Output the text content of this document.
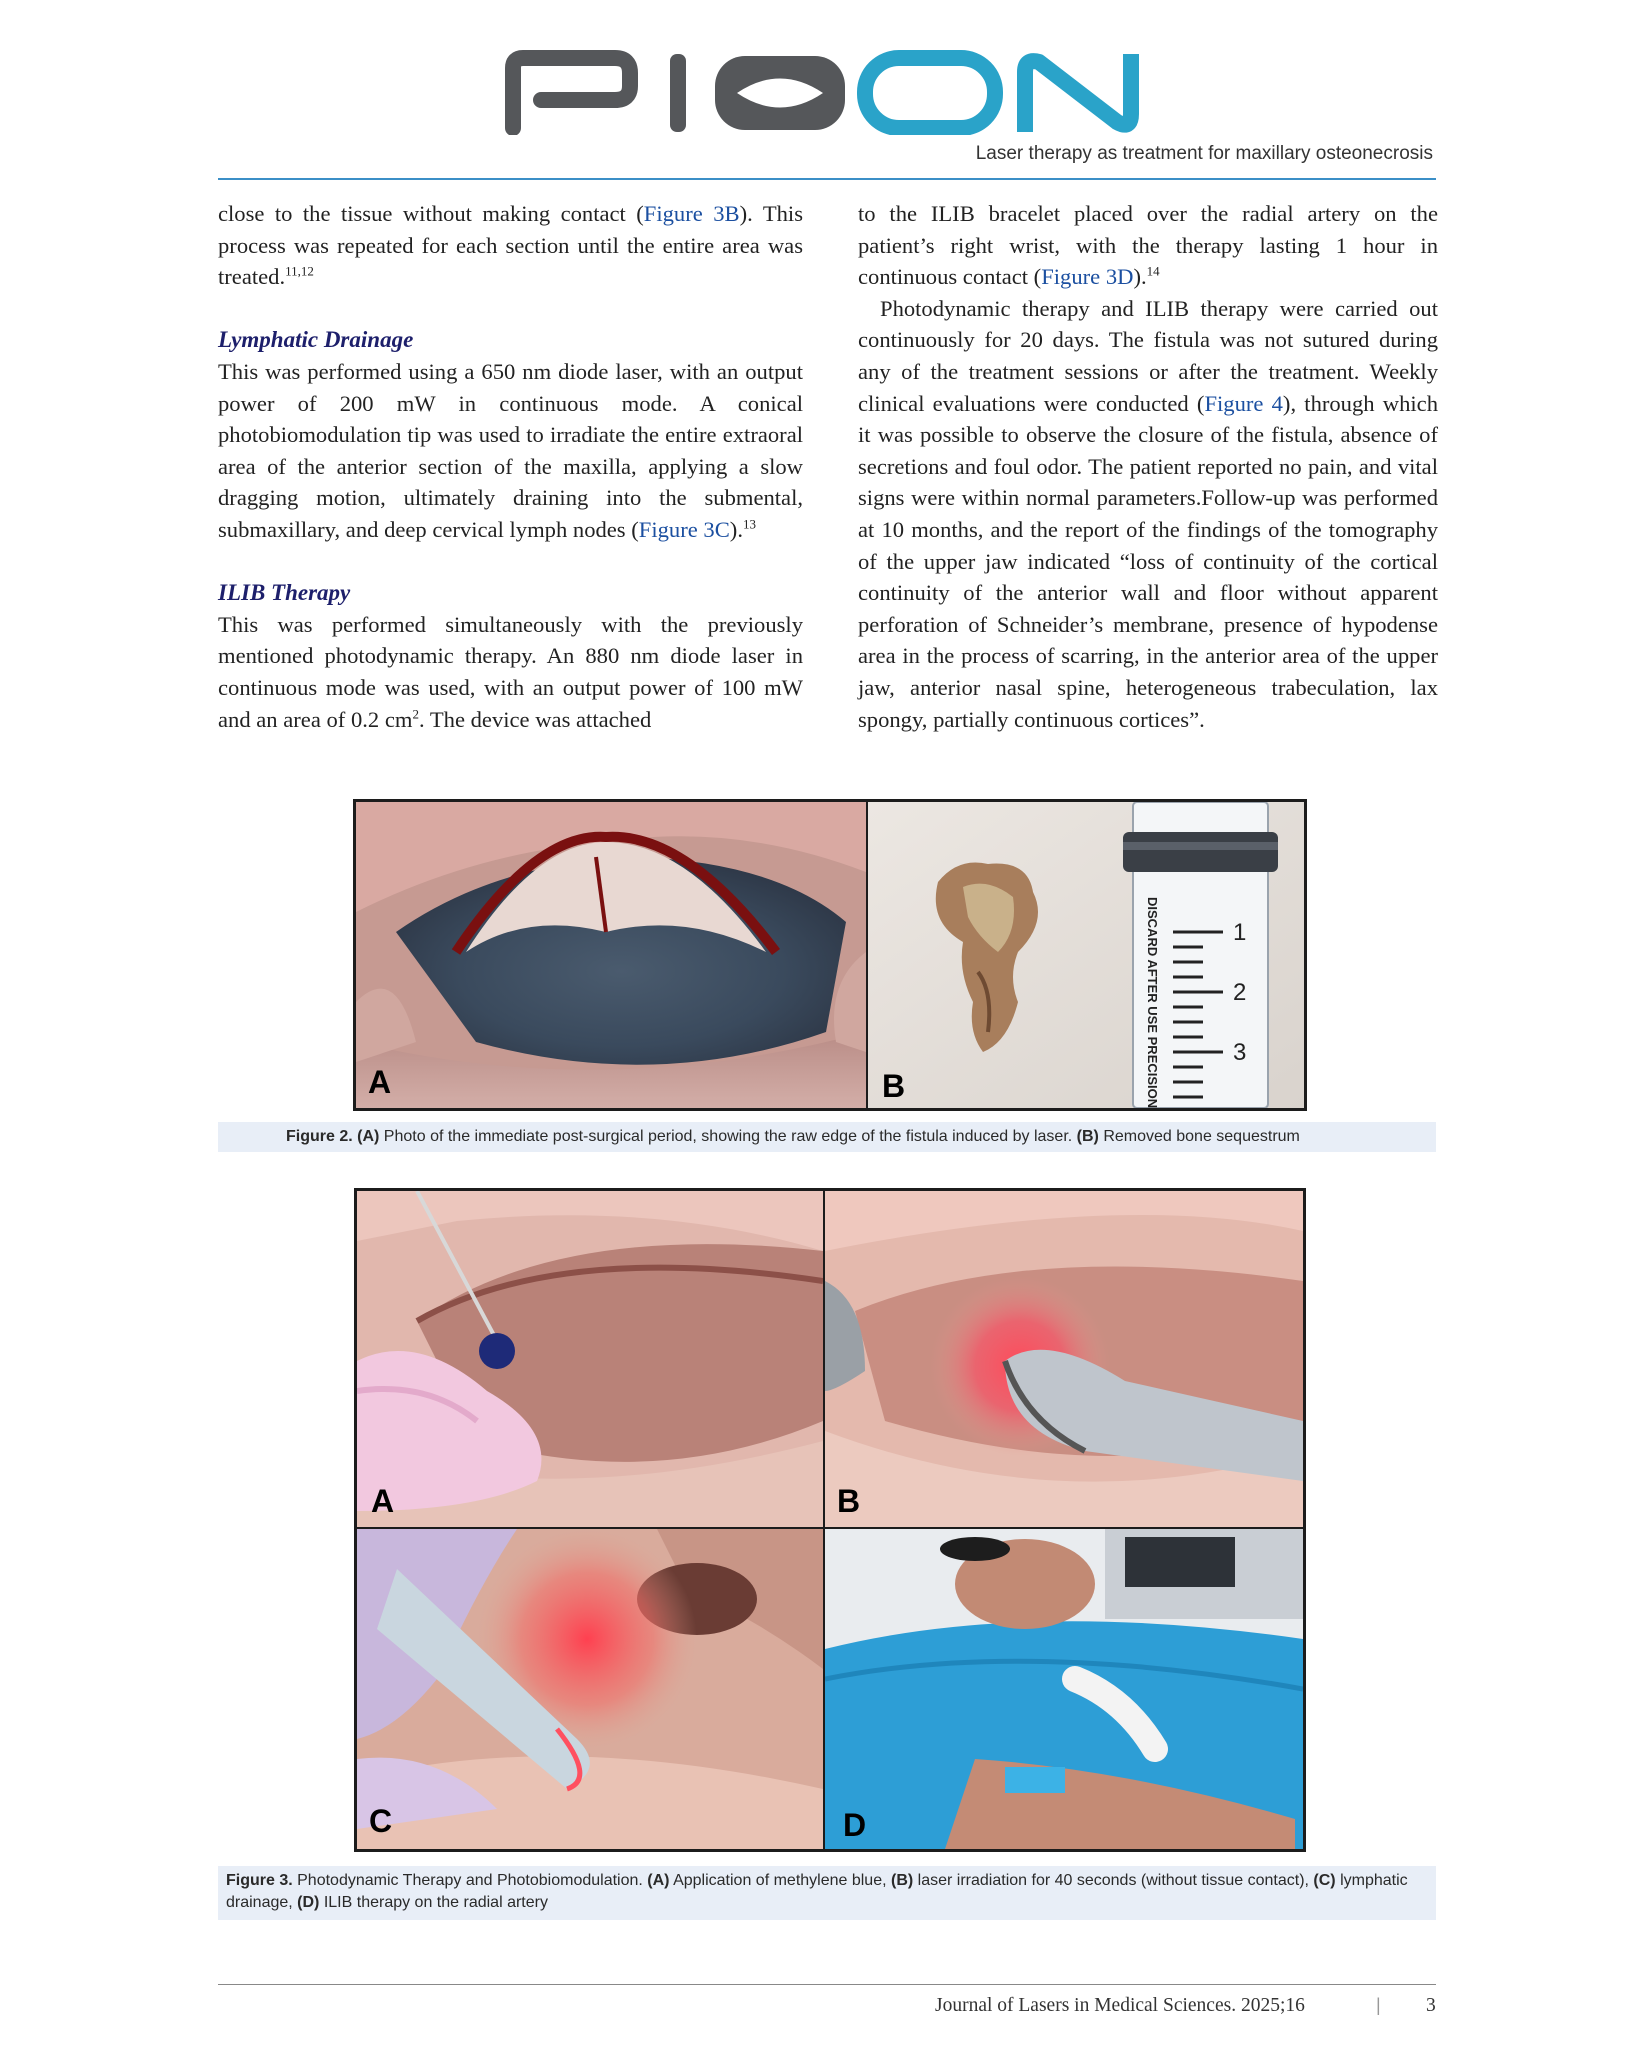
Laser therapy as treatment for maxillary osteonecrosis

close to the tissue without making contact (Figure 3B). This process was repeated for each section until the entire area was treated.$^{11,12}$

Lymphatic Drainage

This was performed using a 650 nm diode laser, with an output power of 200 mW in continuous mode. A conical photobiomodulation tip was used to irradiate the entire extraoral area of the anterior section of the maxilla, applying a slow dragging motion, ultimately draining into the submental, submaxillary, and deep cervical lymph nodes (Figure 3C).$^{13}$

ILIB Therapy

This was performed simultaneously with the previously mentioned photodynamic therapy. An 880 nm diode laser in continuous mode was used, with an output power of 100 mW and an area of 0.2 $cm^2$. The device was attached

to the ILIB bracelet placed over the radial artery on the patient’s right wrist, with the therapy lasting 1 hour in continuous contact (Figure 3D).$^{14}$

Photodynamic therapy and ILIB therapy were carried out continuously for 20 days. The fistula was not sutured during any of the treatment sessions or after the treatment. Weekly clinical evaluations were conducted (Figure 4), through which it was possible to observe the closure of the fistula, absence of secretions and foul odor. The patient reported no pain, and vital signs were within normal parameters.Follow-up was performed at 10 months, and the report of the findings of the tomography of the upper jaw indicated “loss of continuity of the cortical continuity of the anterior wall and floor without apparent perforation of Schneider’s membrane, presence of hypodense area in the process of scarring, in the anterior area of the upper jaw, anterior nasal spine, heterogeneous trabeculation, lax spongy, partially continuous cortices”.

A
1
2
3
DISCARD AFTER USE PRECISION
B
Figure 2. (A) Photo of the immediate post-surgical period, showing the raw edge of the fistula induced by laser. (B) Removed bone sequestrum
A	B
C	D
Figure 3. Photodynamic Therapy and Photobiomodulation. (A) Application of methylene blue, (B) laser irradiation for 40 seconds (without tissue contact), (C) lymphatic drainage, (D) ILIB therapy on the radial artery
Journal of Lasers in Medical Sciences. 2025;16	| 3
